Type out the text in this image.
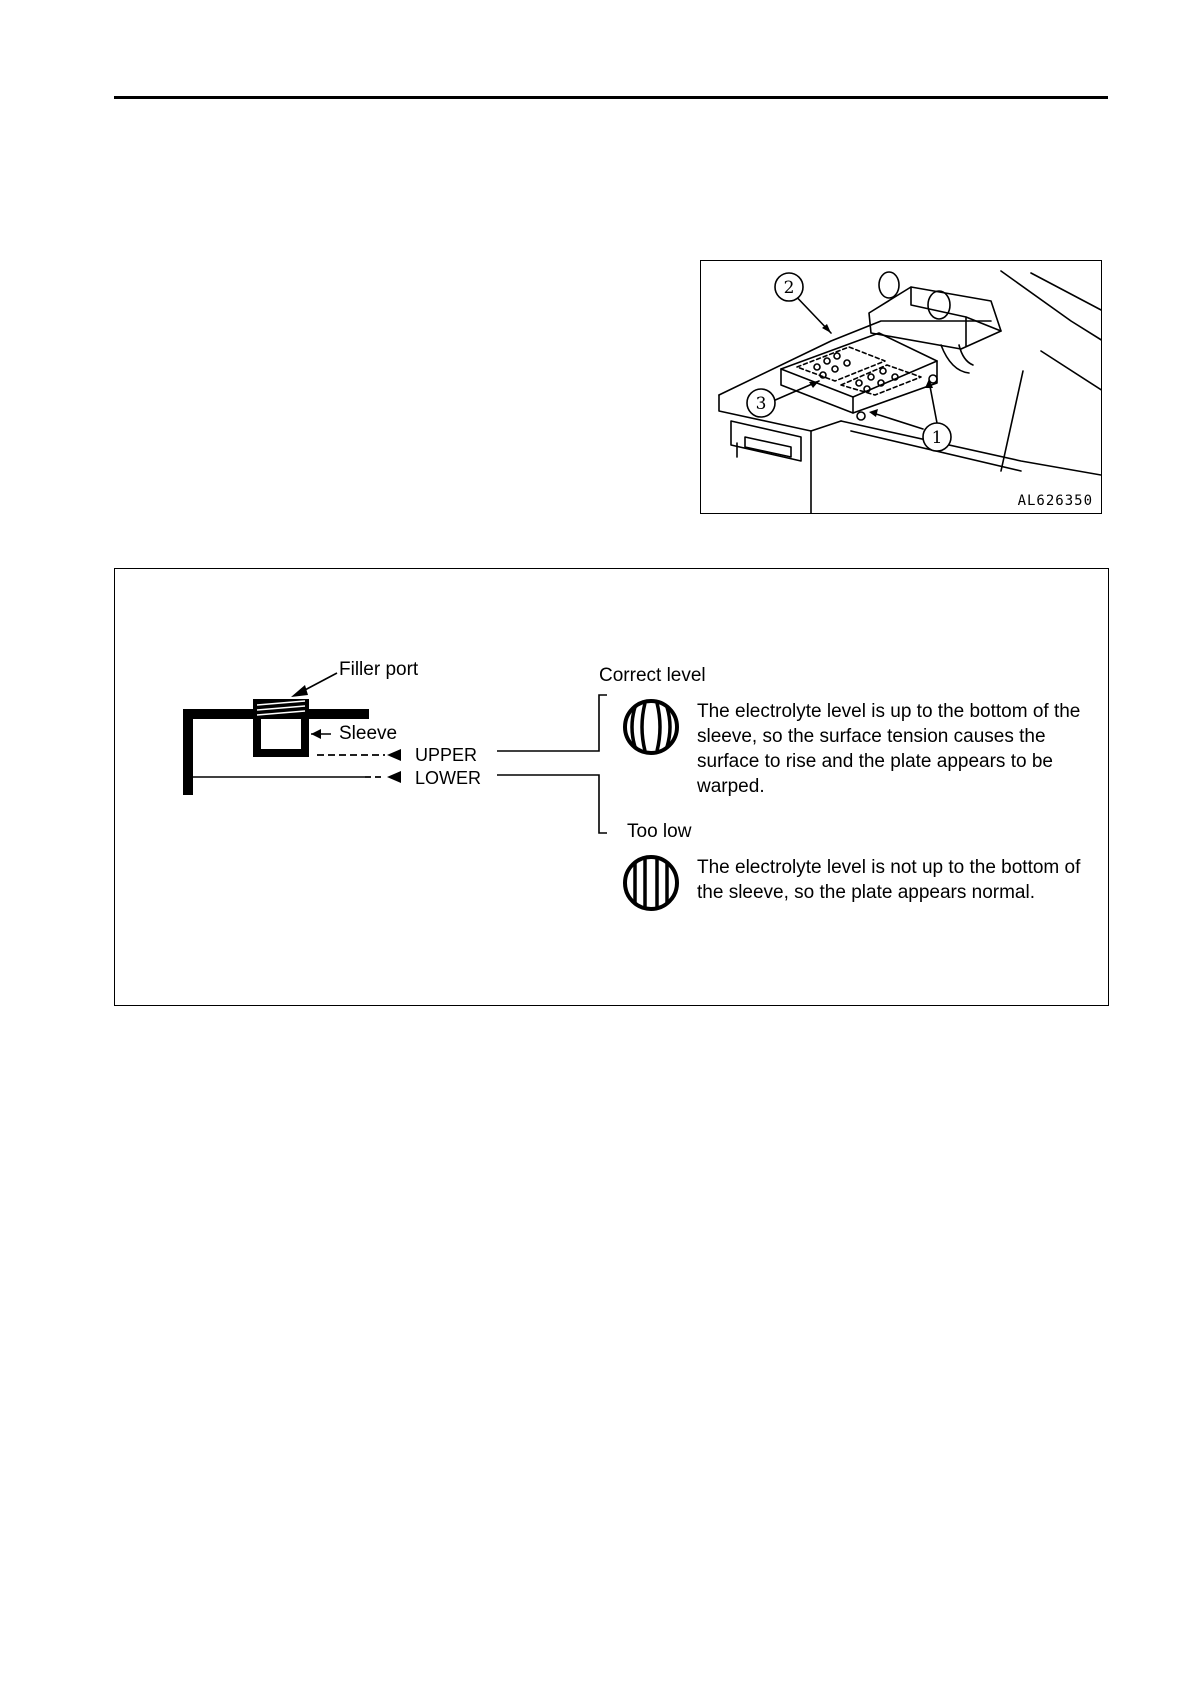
2
3
1
AL626350
Filler port
Sleeve
UPPER
LOWER
Correct level
The electrolyte level is up to the bottom of the sleeve, so the surface tension causes the surface to rise and the plate appears to be warped.
Too low
The electrolyte level is not up to the bottom of the sleeve, so the plate appears normal.
